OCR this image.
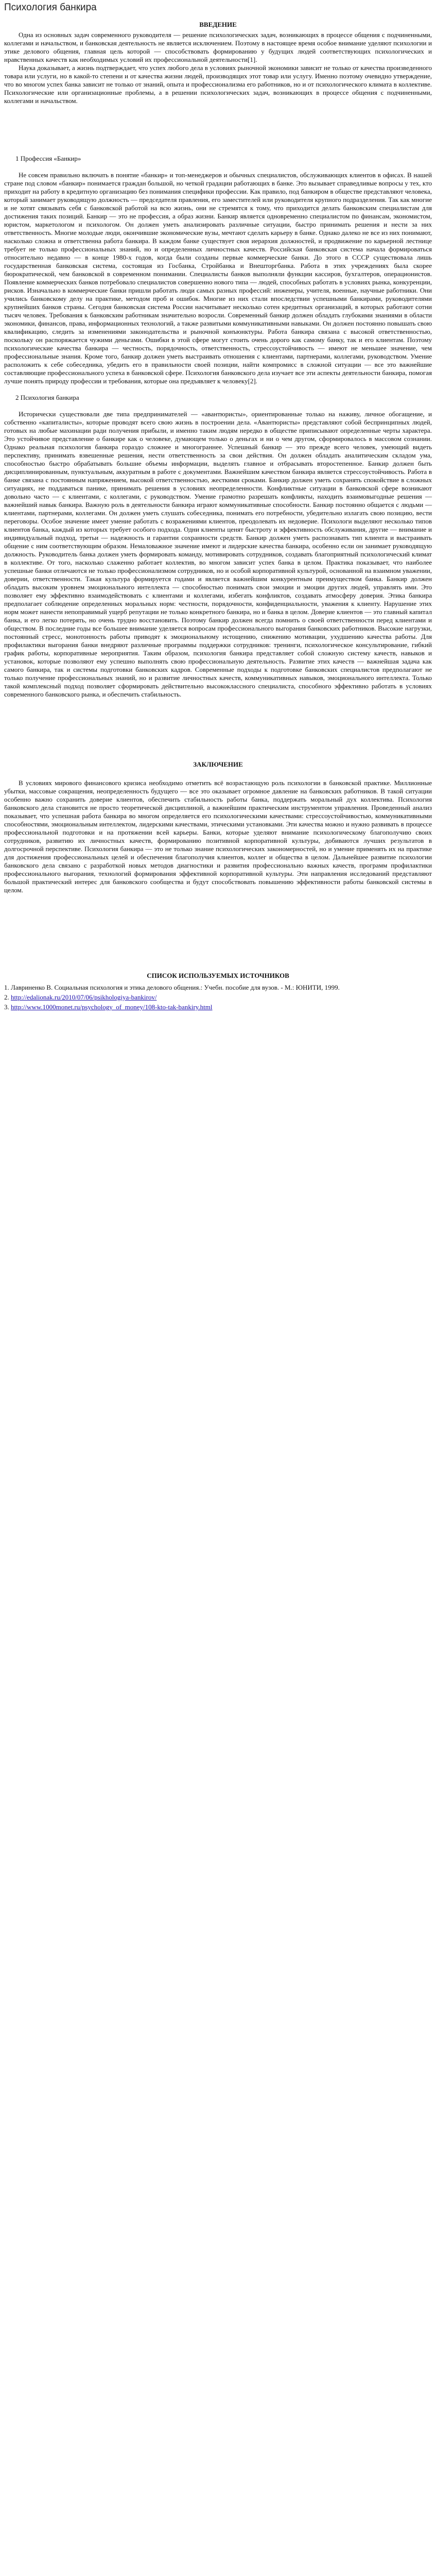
Психология банкира
ВВЕДЕНИЕ

Одна из основных задач современного руководителя — решение психологических задач, возникающих в процессе общения с подчиненными, коллегами и начальством, и банковская деятельность не является исключением. Поэтому в настоящее время особое внимание уделяют психологии и этике делового общения, главная цель которой — способствовать формированию у будущих людей соответствующих психологических и нравственных качеств как необходимых условий их профессиональной деятельности[1].

Наука доказывает, а жизнь подтверждает, что успех любого дела в условиях рыночной экономики зависит не только от качества произведенного товара или услуги, но в какой-то степени и от качества жизни людей, производящих этот товар или услугу. Именно поэтому очевидно утверждение, что во многом успех банка зависит не только от знаний, опыта и профессионализма его работников, но и от психологического климата в коллективе. Психологические или организационные проблемы, а в решении психологических задач, возникающих в процессе общения с подчиненными, коллегами и начальством.

1 Профессия «Банкир»

Не совсем правильно включать в понятие «банкир» и топ-менеджеров и обычных специалистов, обслуживающих клиентов в офисах. В нашей стране под словом «банкир» понимается граждан большой, но четкой градации работающих в банке. Это вызывает справедливые вопросы у тех, кто приходит на работу в кредитную организацию без понимания специфики профессии. Как правило, под банкиром в обществе представляют человека, который занимает руководящую должность — председателя правления, его заместителей или руководителя крупного подразделения. Так как многие и не хотят связывать себя с банковской работой на всю жизнь, они не стремятся к тому, что приходится делать банковским специалистам для достижения таких позиций. Банкир — это не профессия, а образ жизни. Банкир является одновременно специалистом по финансам, экономистом, юристом, маркетологом и психологом. Он должен уметь анализировать различные ситуации, быстро принимать решения и нести за них ответственность. Многие молодые люди, окончившие экономические вузы, мечтают сделать карьеру в банке. Однако далеко не все из них понимают, насколько сложна и ответственна работа банкира. В каждом банке существует своя иерархия должностей, и продвижение по карьерной лестнице требует не только профессиональных знаний, но и определенных личностных качеств. Российская банковская система начала формироваться относительно недавно — в конце 1980-х годов, когда были созданы первые коммерческие банки. До этого в СССР существовала лишь государственная банковская система, состоящая из Госбанка, Стройбанка и Внешторгбанка. Работа в этих учреждениях была скорее бюрократической, чем банковской в современном понимании. Специалисты банков выполняли функции кассиров, бухгалтеров, операционистов. Появление коммерческих банков потребовало специалистов совершенно нового типа — людей, способных работать в условиях рынка, конкуренции, рисков. Изначально в коммерческие банки пришли работать люди самых разных профессий: инженеры, учителя, военные, научные работники. Они учились банковскому делу на практике, методом проб и ошибок. Многие из них стали впоследствии успешными банкирами, руководителями крупнейших банков страны. Сегодня банковская система России насчитывает несколько сотен кредитных организаций, в которых работают сотни тысяч человек. Требования к банковским работникам значительно возросли. Современный банкир должен обладать глубокими знаниями в области экономики, финансов, права, информационных технологий, а также развитыми коммуникативными навыками. Он должен постоянно повышать свою квалификацию, следить за изменениями законодательства и рыночной конъюнктуры. Работа банкира связана с высокой ответственностью, поскольку он распоряжается чужими деньгами. Ошибки в этой сфере могут стоить очень дорого как самому банку, так и его клиентам. Поэтому психологические качества банкира — честность, порядочность, ответственность, стрессоустойчивость — имеют не меньшее значение, чем профессиональные знания. Кроме того, банкир должен уметь выстраивать отношения с клиентами, партнерами, коллегами, руководством. Умение расположить к себе собеседника, убедить его в правильности своей позиции, найти компромисс в сложной ситуации — все это важнейшие составляющие профессионального успеха в банковской сфере. Психология банковского дела изучает все эти аспекты деятельности банкира, помогая лучше понять природу профессии и требования, которые она предъявляет к человеку[2].

2 Психология банкира

Исторически существовали две типа предпринимателей — «авантюристы», ориентированные только на наживу, личное обогащение, и собственно «капиталисты», которые проводят всего свою жизнь в построении дела. «Авантюристы» представляют собой беспринципных людей, готовых на любые махинации ради получения прибыли, и именно таким людям нередко в обществе приписывают определенные черты характера. Это устойчивое представление о банкире как о человеке, думающем только о деньгах и ни о чем другом, сформировалось в массовом сознании. Однако реальная психология банкира гораздо сложнее и многограннее. Успешный банкир — это прежде всего человек, умеющий видеть перспективу, принимать взвешенные решения, нести ответственность за свои действия. Он должен обладать аналитическим складом ума, способностью быстро обрабатывать большие объемы информации, выделять главное и отбрасывать второстепенное. Банкир должен быть дисциплинированным, пунктуальным, аккуратным в работе с документами. Важнейшим качеством банкира является стрессоустойчивость. Работа в банке связана с постоянным напряжением, высокой ответственностью, жесткими сроками. Банкир должен уметь сохранять спокойствие в сложных ситуациях, не поддаваться панике, принимать решения в условиях неопределенности. Конфликтные ситуации в банковской сфере возникают довольно часто — с клиентами, с коллегами, с руководством. Умение грамотно разрешать конфликты, находить взаимовыгодные решения — важнейший навык банкира. Важную роль в деятельности банкира играют коммуникативные способности. Банкир постоянно общается с людьми — клиентами, партнерами, коллегами. Он должен уметь слушать собеседника, понимать его потребности, убедительно излагать свою позицию, вести переговоры. Особое значение имеет умение работать с возражениями клиентов, преодолевать их недоверие. Психологи выделяют несколько типов клиентов банка, каждый из которых требует особого подхода. Одни клиенты ценят быстроту и эффективность обслуживания, другие — внимание и индивидуальный подход, третьи — надежность и гарантии сохранности средств. Банкир должен уметь распознавать тип клиента и выстраивать общение с ним соответствующим образом. Немаловажное значение имеют и лидерские качества банкира, особенно если он занимает руководящую должность. Руководитель банка должен уметь формировать команду, мотивировать сотрудников, создавать благоприятный психологический климат в коллективе. От того, насколько слаженно работает коллектив, во многом зависит успех банка в целом. Практика показывает, что наиболее успешные банки отличаются не только профессионализмом сотрудников, но и особой корпоративной культурой, основанной на взаимном уважении, доверии, ответственности. Такая культура формируется годами и является важнейшим конкурентным преимуществом банка. Банкир должен обладать высоким уровнем эмоционального интеллекта — способностью понимать свои эмоции и эмоции других людей, управлять ими. Это позволяет ему эффективно взаимодействовать с клиентами и коллегами, избегать конфликтов, создавать атмосферу доверия. Этика банкира предполагает соблюдение определенных моральных норм: честности, порядочности, конфиденциальности, уважения к клиенту. Нарушение этих норм может нанести непоправимый ущерб репутации не только конкретного банкира, но и банка в целом. Доверие клиентов — это главный капитал банка, и его легко потерять, но очень трудно восстановить. Поэтому банкир должен всегда помнить о своей ответственности перед клиентами и обществом. В последние годы все большее внимание уделяется вопросам профессионального выгорания банковских работников. Высокие нагрузки, постоянный стресс, монотонность работы приводят к эмоциональному истощению, снижению мотивации, ухудшению качества работы. Для профилактики выгорания банки внедряют различные программы поддержки сотрудников: тренинги, психологическое консультирование, гибкий график работы, корпоративные мероприятия. Таким образом, психология банкира представляет собой сложную систему качеств, навыков и установок, которые позволяют ему успешно выполнять свою профессиональную деятельность. Развитие этих качеств — важнейшая задача как самого банкира, так и системы подготовки банковских кадров. Современные подходы к подготовке банковских специалистов предполагают не только получение профессиональных знаний, но и развитие личностных качеств, коммуникативных навыков, эмоционального интеллекта. Только такой комплексный подход позволяет сформировать действительно высококлассного специалиста, способного эффективно работать в условиях современного банковского рынка, и обеспечить стабильность.

ЗАКЛЮЧЕНИЕ

В условиях мирового финансового кризиса необходимо отметить всё возрастающую роль психологии в банковской практике. Миллионные убытки, массовые сокращения, неопределенность будущего — все это оказывает огромное давление на банковских работников. В такой ситуации особенно важно сохранить доверие клиентов, обеспечить стабильность работы банка, поддержать моральный дух коллектива. Психология банковского дела становится не просто теоретической дисциплиной, а важнейшим практическим инструментом управления. Проведенный анализ показывает, что успешная работа банкира во многом определяется его психологическими качествами: стрессоустойчивостью, коммуникативными способностями, эмоциональным интеллектом, лидерскими качествами, этическими установками. Эти качества можно и нужно развивать в процессе профессиональной подготовки и на протяжении всей карьеры. Банки, которые уделяют внимание психологическому благополучию своих сотрудников, развитию их личностных качеств, формированию позитивной корпоративной культуры, добиваются лучших результатов в долгосрочной перспективе. Психология банкира — это не только знание психологических закономерностей, но и умение применять их на практике для достижения профессиональных целей и обеспечения благополучия клиентов, коллег и общества в целом. Дальнейшее развитие психологии банковского дела связано с разработкой новых методов диагностики и развития профессионально важных качеств, программ профилактики профессионального выгорания, технологий формирования эффективной корпоративной культуры. Эти направления исследований представляют большой практический интерес для банковского сообщества и будут способствовать повышению эффективности работы банковской системы в целом.

СПИСОК ИСПОЛЬЗУЕМЫХ ИСТОЧНИКОВ
1. Лавриненко В. Социальная психология и этика делового общения.: Учебн. пособие для вузов. - М.: ЮНИТИ, 1999.
2. http://edalionak.ru/2010/07/06/psikhologiya-bankirov/
3. http://www.1000monet.ru/psychology_of_money/108-kto-tak-bankiry.html
